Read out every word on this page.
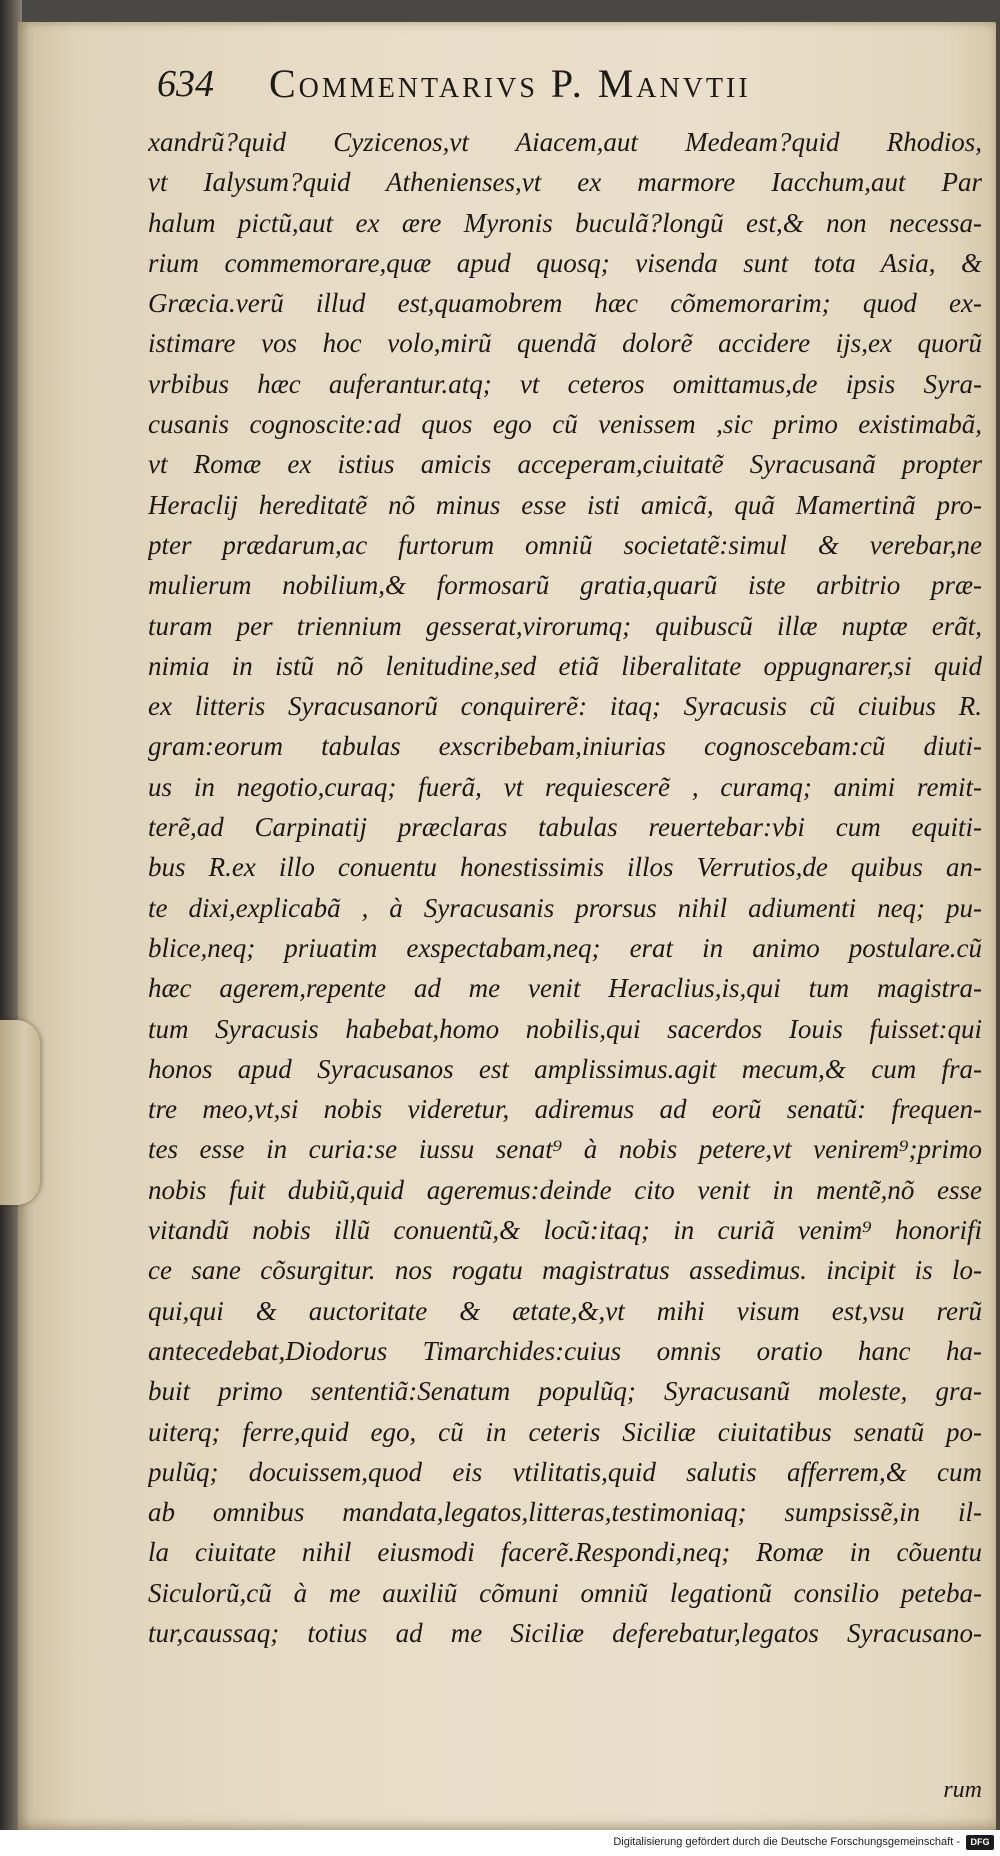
634 Commentarivs P. Manvtii
xandrũ?quid Cyzicenos,vt Aiacem,aut Medeam?quid Rhodios,
vt Ialysum?quid Athenienses,vt ex marmore Iacchum,aut Par
halum pictũ,aut ex ære Myronis buculã?longũ est,& non necessa-
rium commemorare,quæ apud quosq; visenda sunt tota Asia, &
Græcia.verũ illud est,quamobrem hæc cõmemorarim; quod ex-
istimare vos hoc volo,mirũ quendã dolorẽ accidere ijs,ex quorũ
vrbibus hæc auferantur.atq; vt ceteros omittamus,de ipsis Syra-
cusanis cognoscite:ad quos ego cũ venissem ,sic primo existimabã,
vt Romæ ex istius amicis acceperam,ciuitatẽ Syracusanã propter
Heraclij hereditatẽ nõ minus esse isti amicã, quã Mamertinã pro-
pter prædarum,ac furtorum omniũ societatẽ:simul & verebar,ne
mulierum nobilium,& formosarũ gratia,quarũ iste arbitrio præ-
turam per triennium gesserat,virorumq; quibuscũ illæ nuptæ erãt,
nimia in istũ nõ lenitudine,sed etiã liberalitate oppugnarer,si quid
ex litteris Syracusanorũ conquirerẽ: itaq; Syracusis cũ ciuibus R.
gram:eorum tabulas exscribebam,iniurias cognoscebam:cũ diuti-
us in negotio,curaq; fuerã, vt requiescerẽ , curamq; animi remit-
terẽ,ad Carpinatij præclaras tabulas reuertebar:vbi cum equiti-
bus R.ex illo conuentu honestissimis illos Verrutios,de quibus an-
te dixi,explicabã , à Syracusanis prorsus nihil adiumenti neq; pu-
blice,neq; priuatim exspectabam,neq; erat in animo postulare.cũ
hæc agerem,repente ad me venit Heraclius,is,qui tum magistra-
tum Syracusis habebat,homo nobilis,qui sacerdos Iouis fuisset:qui
honos apud Syracusanos est amplissimus.agit mecum,& cum fra-
tre meo,vt,si nobis videretur, adiremus ad eorũ senatũ: frequen-
tes esse in curia:se iussu senat⁹ à nobis petere,vt venirem⁹;primo
nobis fuit dubiũ,quid ageremus:deinde cito venit in mentẽ,nõ esse
vitandũ nobis illũ conuentũ,& locũ:itaq; in curiã venim⁹ honorifi
ce sane cõsurgitur. nos rogatu magistratus assedimus. incipit is lo-
qui,qui & auctoritate & ætate,&,vt mihi visum est,vsu rerũ
antecedebat,Diodorus Timarchides:cuius omnis oratio hanc ha-
buit primo sententiã:Senatum populũq; Syracusanũ moleste, gra-
uiterq; ferre,quid ego, cũ in ceteris Siciliæ ciuitatibus senatũ po-
pulũq; docuissem,quod eis vtilitatis,quid salutis afferrem,& cum
ab omnibus mandata,legatos,litteras,testimoniaq; sumpsissẽ,in il-
la ciuitate nihil eiusmodi facerẽ.Respondi,neq; Romæ in cõuentu
Siculorũ,cũ à me auxiliũ cõmuni omniũ legationũ consilio peteba-
tur,caussaq; totius ad me Siciliæ deferebatur,legatos Syracusano-
rum
Digitalisierung gefördert durch die Deutsche Forschungsgemeinschaft -	DFG
